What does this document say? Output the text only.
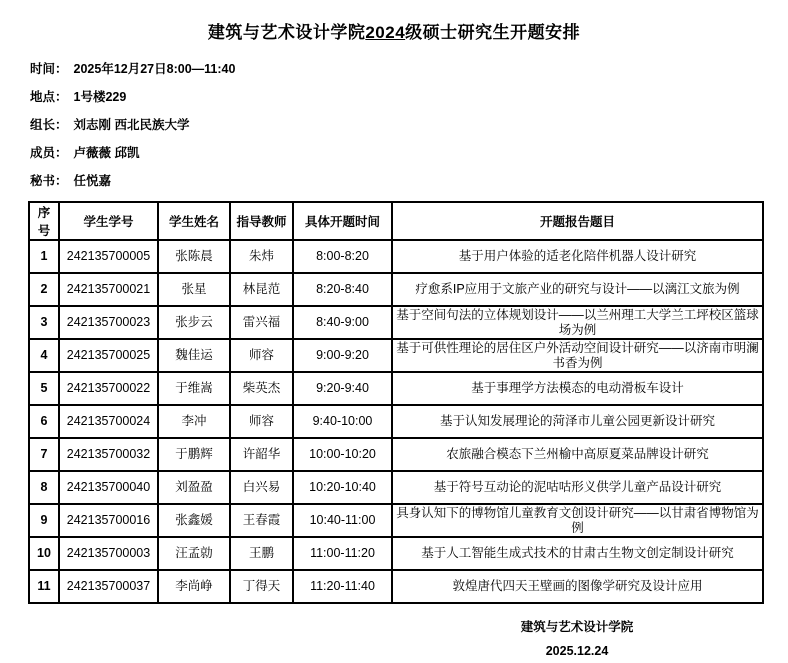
建筑与艺术设计学院2024级硕士研究生开题安排
时间： 2025年12月27日8:00—11:40
地点： 1号楼229
组长： 刘志刚 西北民族大学
成员： 卢薇薇 邱凯
秘书： 任悦嘉
序号	学生学号	学生姓名	指导教师	具体开题时间	开题报告题目
1	242135700005	张陈晨	朱炜	8:00-8:20	基于用户体验的适老化陪伴机器人设计研究
2	242135700021	张星	林昆范	8:20-8:40	疗愈系IP应用于文旅产业的研究与设计——以漓江文旅为例
3	242135700023	张步云	雷兴福	8:40-9:00	基于空间句法的立体规划设计——以兰州理工大学兰工坪校区篮球场为例
4	242135700025	魏佳运	师容	9:00-9:20	基于可供性理论的居住区户外活动空间设计研究——以济南市明澜书香为例
5	242135700022	于维嵩	柴英杰	9:20-9:40	基于事理学方法模态的电动滑板车设计
6	242135700024	李冲	师容	9:40-10:00	基于认知发展理论的菏泽市儿童公园更新设计研究
7	242135700032	于鹏辉	许韶华	10:00-10:20	农旅融合模态下兰州榆中高原夏菜品牌设计研究
8	242135700040	刘盈盈	白兴易	10:20-10:40	基于符号互动论的泥咕咕形义供学儿童产品设计研究
9	242135700016	张鑫媛	王春霞	10:40-11:00	具身认知下的博物馆儿童教育文创设计研究——以甘肃省博物馆为例
10	242135700003	汪孟勍	王鹏	11:00-11:20	基于人工智能生成式技术的甘肃古生物文创定制设计研究
11	242135700037	李尚峥	丁得天	11:20-11:40	敦煌唐代四天王壁画的图像学研究及设计应用
建筑与艺术设计学院
2025.12.24
